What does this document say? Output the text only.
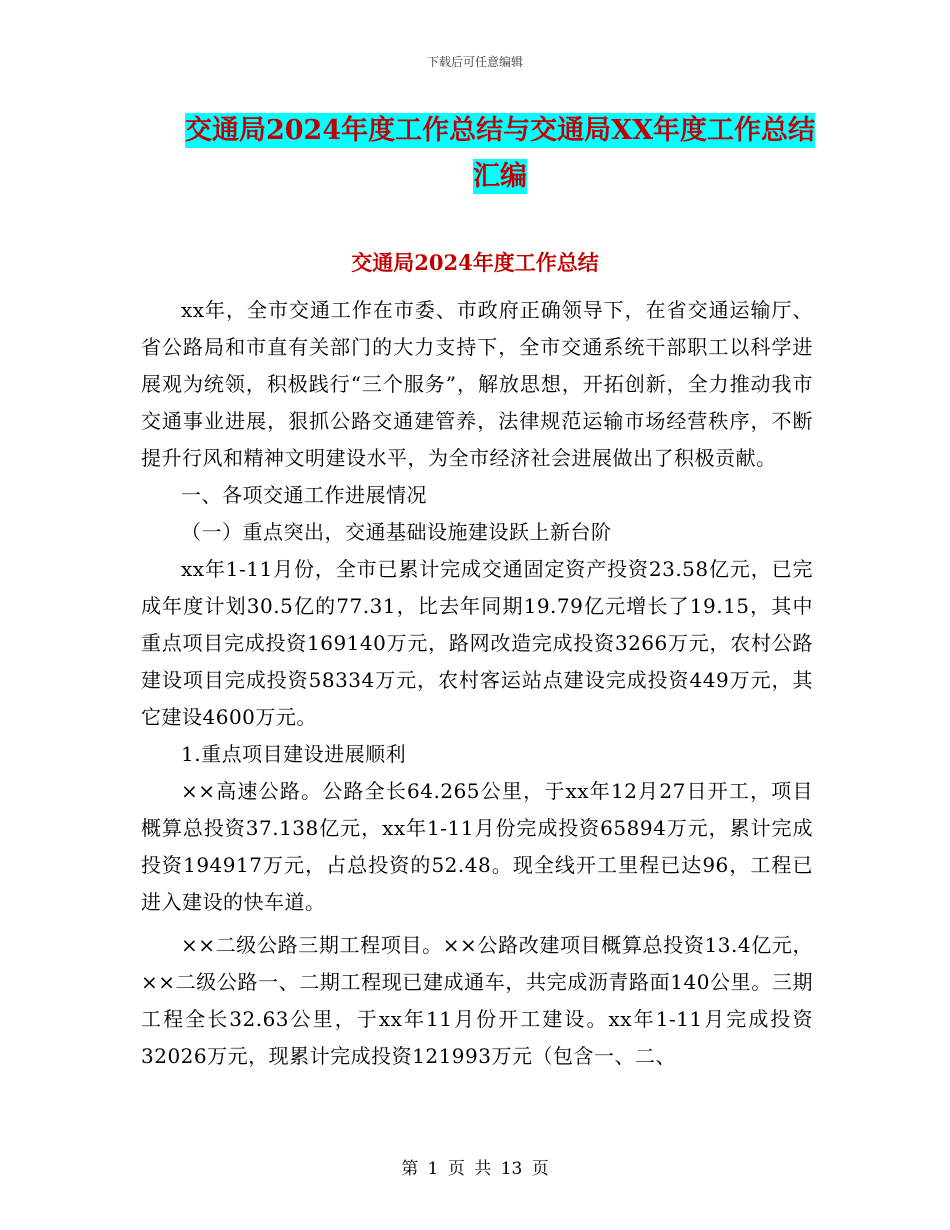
下载后可任意编辑
交通局2024年度工作总结与交通局XX年度工作总结
汇编
交通局2024年度工作总结

xx年，全市交通工作在市委、市政府正确领导下，在省交通运输厅、省公路局和市直有关部门的大力支持下，全市交通系统干部职工以科学进展观为统领，积极践行“三个服务”，解放思想，开拓创新，全力推动我市交通事业进展，狠抓公路交通建管养，法律规范运输市场经营秩序，不断提升行风和精神文明建设水平，为全市经济社会进展做出了积极贡献。

一、各项交通工作进展情况

（一）重点突出，交通基础设施建设跃上新台阶

xx年1-11月份，全市已累计完成交通固定资产投资23.58亿元，已完成年度计划30.5亿的77.31，比去年同期19.79亿元增长了19.15，其中重点项目完成投资169140万元，路网改造完成投资3266万元，农村公路建设项目完成投资58334万元，农村客运站点建设完成投资449万元，其它建设4600万元。

1.重点项目建设进展顺利

××高速公路。公路全长64.265公里，于xx年12月27日开工，项目概算总投资37.138亿元，xx年1-11月份完成投资65894万元，累计完成投资194917万元，占总投资的52.48。现全线开工里程已达96，工程已进入建设的快车道。

××二级公路三期工程项目。××公路改建项目概算总投资13.4亿元，××二级公路一、二期工程现已建成通车，共完成沥青路面140公里。三期工程全长32.63公里，于xx年11月份开工建设。xx年1-11月完成投资32026万元，现累计完成投资121993万元（包含一、二、

第 1 页 共 13 页
